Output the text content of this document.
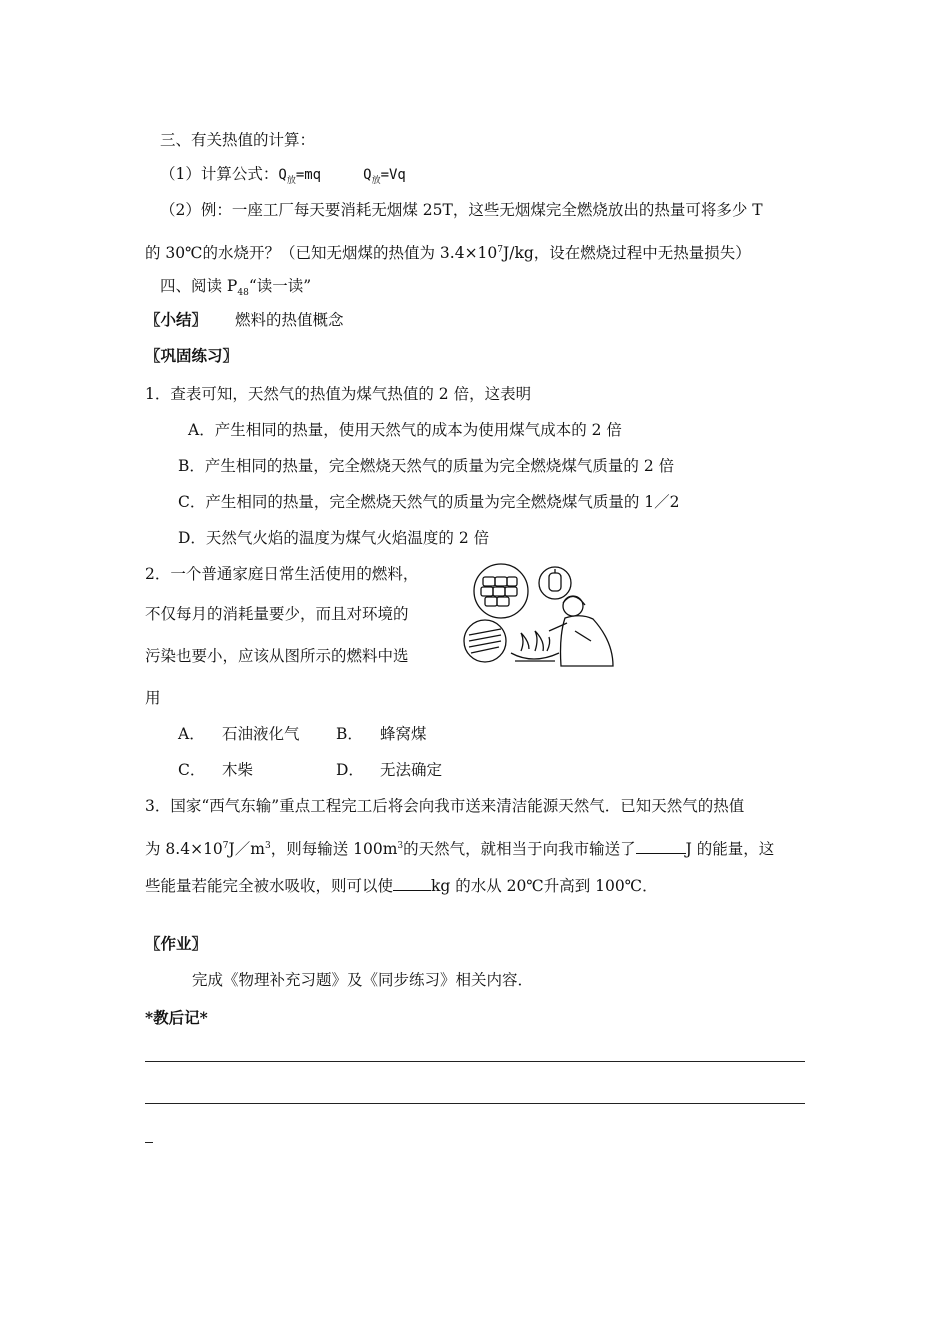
三、有关热值的计算：
（1）计算公式：$Q_放=mq$	$Q_放=Vq$
（2）例：一座工厂每天要消耗无烟煤 25T，这些无烟煤完全燃烧放出的热量可将多少 T
的 30℃的水烧开？（已知无烟煤的热值为 $3.4\times 10^7J/kg$，设在燃烧过程中无热量损失）
四、阅读 $P_{48}“$读一读”
〖小结〗 燃料的热值概念
〖巩固练习〗
1．查表可知，天然气的热值为煤气热值的 2 倍，这表明
A．产生相同的热量，使用天然气的成本为使用煤气成本的 2 倍
B．产生相同的热量，完全燃烧天然气的质量为完全燃烧煤气质量的 2 倍
C．产生相同的热量，完全燃烧天然气的质量为完全燃烧煤气质量的 1／2
D．天然气火焰的温度为煤气火焰温度的 2 倍
2．一个普通家庭日常生活使用的燃料，
不仅每月的消耗量要少，而且对环境的
污染也要小，应该从图所示的燃料中选
用
A． 石油液化气 B． 蜂窝煤
C． 木柴	D． 无法确定
3．国家“西气东输”重点工程完工后将会向我市送来清洁能源天然气．已知天然气的热值
为 $8.4\times 10^7J/m^3$，则每输送 $100m^3$的天然气，就相当于向我市输送了	J 的能量，这
些能量若能完全被水吸收，则可以使 kg 的水从 20℃升高到 100℃．
〖作业〗
完成《物理补充习题》及《同步练习》相关内容．
*教后记*
